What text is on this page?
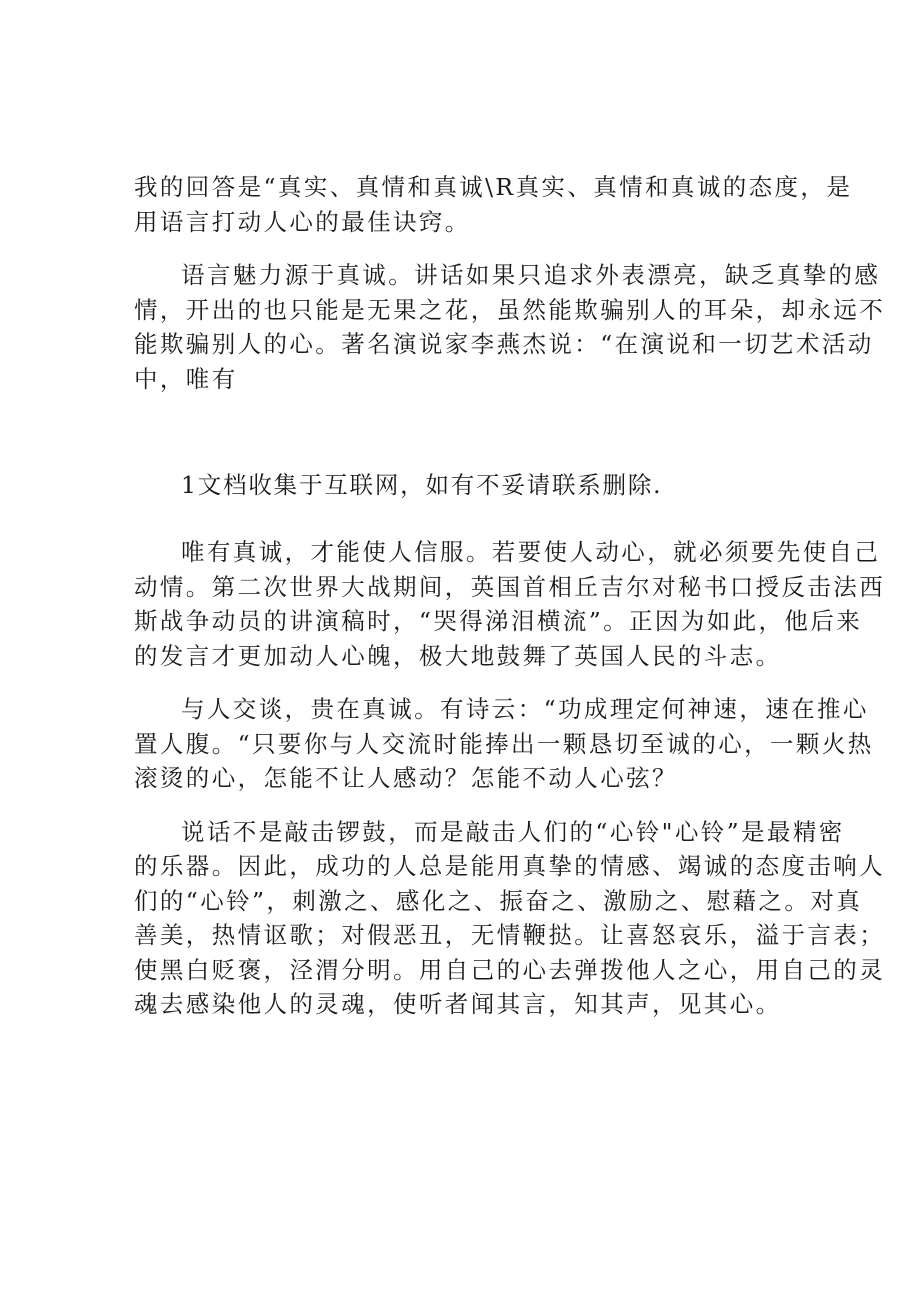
我的回答是“真实、真情和真诚\R真实、真情和真诚的态度，是
用语言打动人心的最佳诀窍。

语言魅力源于真诚。讲话如果只追求外表漂亮，缺乏真挚的感
情，开出的也只能是无果之花，虽然能欺骗别人的耳朵，却永远不
能欺骗别人的心。著名演说家李燕杰说：“在演说和一切艺术活动
中，唯有

1文档收集于互联网，如有不妥请联系删除.

唯有真诚，才能使人信服。若要使人动心，就必须要先使自己
动情。第二次世界大战期间，英国首相丘吉尔对秘书口授反击法西
斯战争动员的讲演稿时，“哭得涕泪横流”。正因为如此，他后来
的发言才更加动人心魄，极大地鼓舞了英国人民的斗志。

与人交谈，贵在真诚。有诗云：“功成理定何神速，速在推心
置人腹。“只要你与人交流时能捧出一颗恳切至诚的心，一颗火热
滚烫的心，怎能不让人感动？怎能不动人心弦？

说话不是敲击锣鼓，而是敲击人们的“心铃"心铃”是最精密
的乐器。因此，成功的人总是能用真挚的情感、竭诚的态度击响人
们的“心铃”，刺激之、感化之、振奋之、激励之、慰藉之。对真
善美，热情讴歌；对假恶丑，无情鞭挞。让喜怒哀乐，溢于言表；
使黑白贬褒，泾渭分明。用自己的心去弹拨他人之心，用自己的灵
魂去感染他人的灵魂，使听者闻其言，知其声，见其心。
